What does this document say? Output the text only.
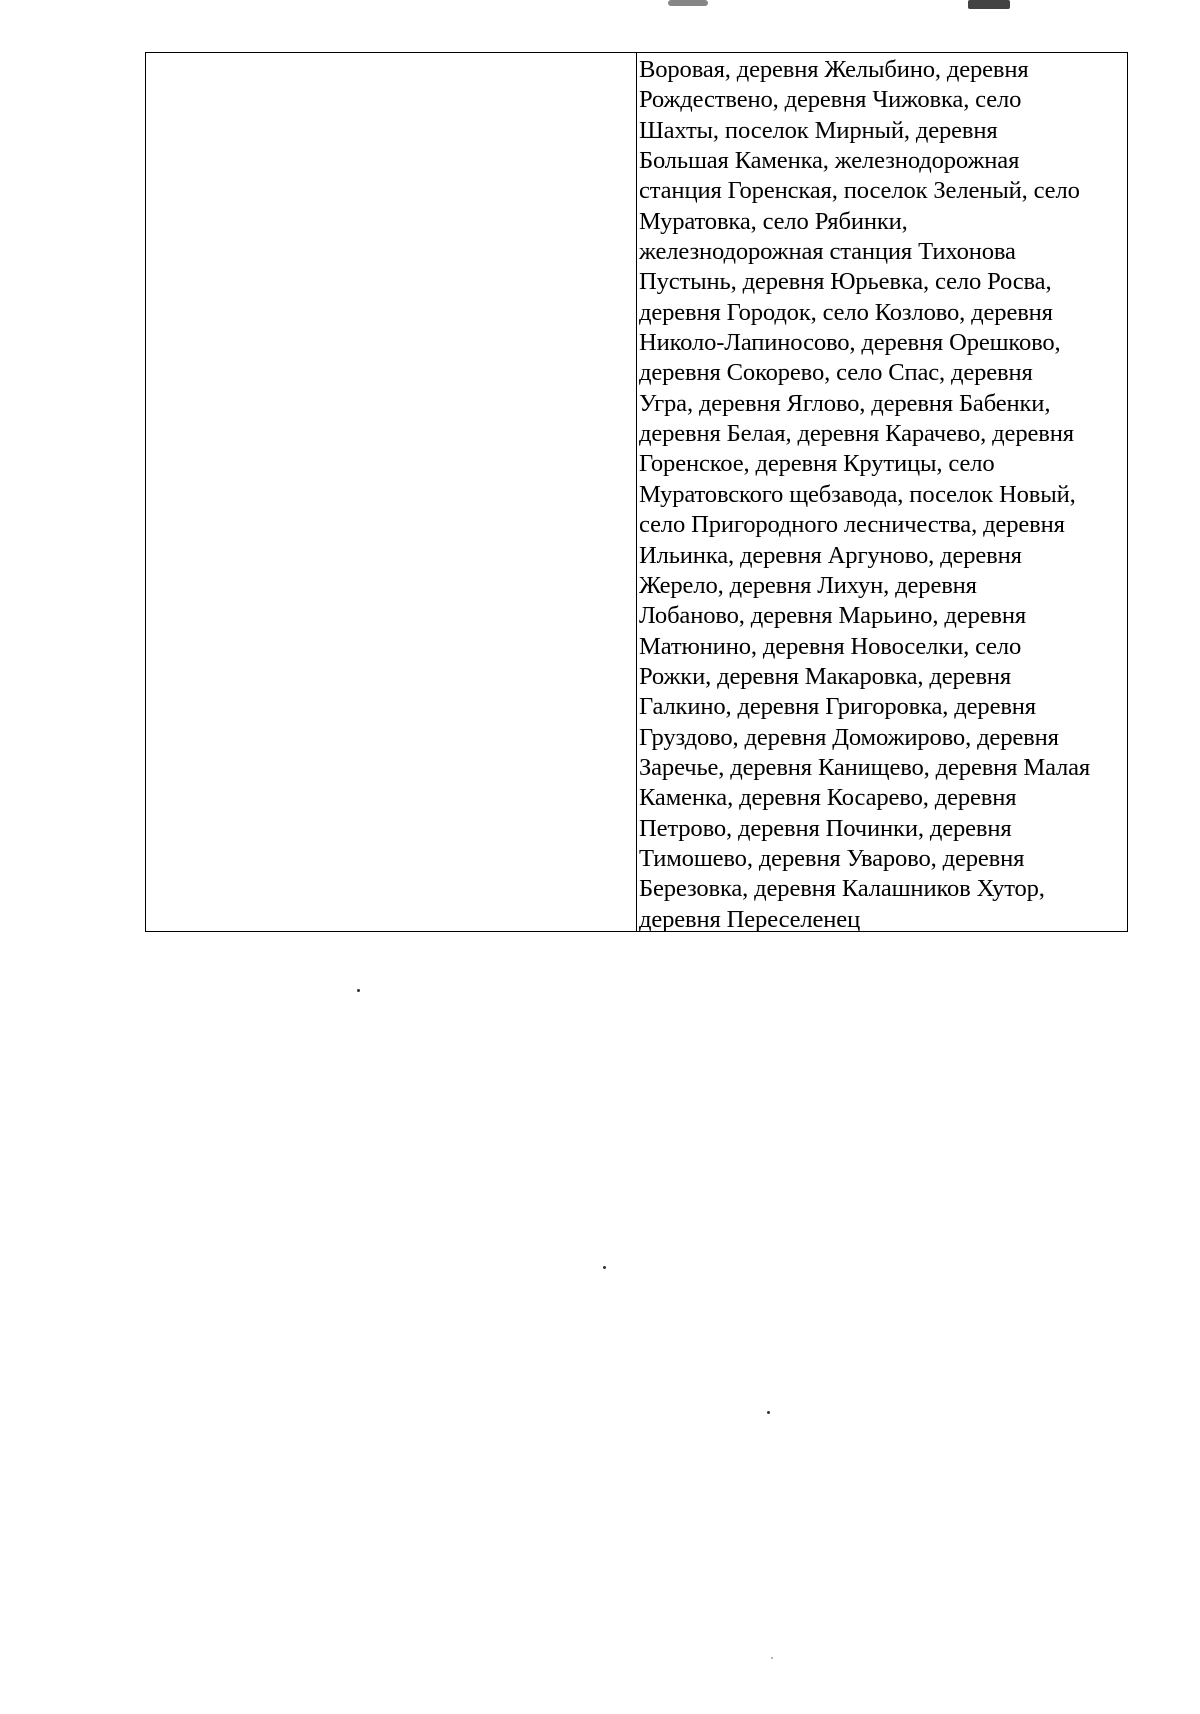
Воровая, деревня Желыбино, деревня
Рождествено, деревня Чижовка, село
Шахты, поселок Мирный, деревня
Большая Каменка, железнодорожная
станция Горенская, поселок Зеленый, село
Муратовка, село Рябинки,
железнодорожная станция Тихонова
Пустынь, деревня Юрьевка, село Росва,
деревня Городок, село Козлово, деревня
Николо-Лапиносово, деревня Орешково,
деревня Сокорево, село Спас, деревня
Угра, деревня Яглово, деревня Бабенки,
деревня Белая, деревня Карачево, деревня
Горенское, деревня Крутицы, село
Муратовского щебзавода, поселок Новый,
село Пригородного лесничества, деревня
Ильинка, деревня Аргуново, деревня
Жерело, деревня Лихун, деревня
Лобаново, деревня Марьино, деревня
Матюнино, деревня Новоселки, село
Рожки, деревня Макаровка, деревня
Галкино, деревня Григоровка, деревня
Груздово, деревня Доможирово, деревня
Заречье, деревня Канищево, деревня Малая
Каменка, деревня Косарево, деревня
Петрово, деревня Починки, деревня
Тимошево, деревня Уварово, деревня
Березовка, деревня Калашников Хутор,
деревня Переселенец
